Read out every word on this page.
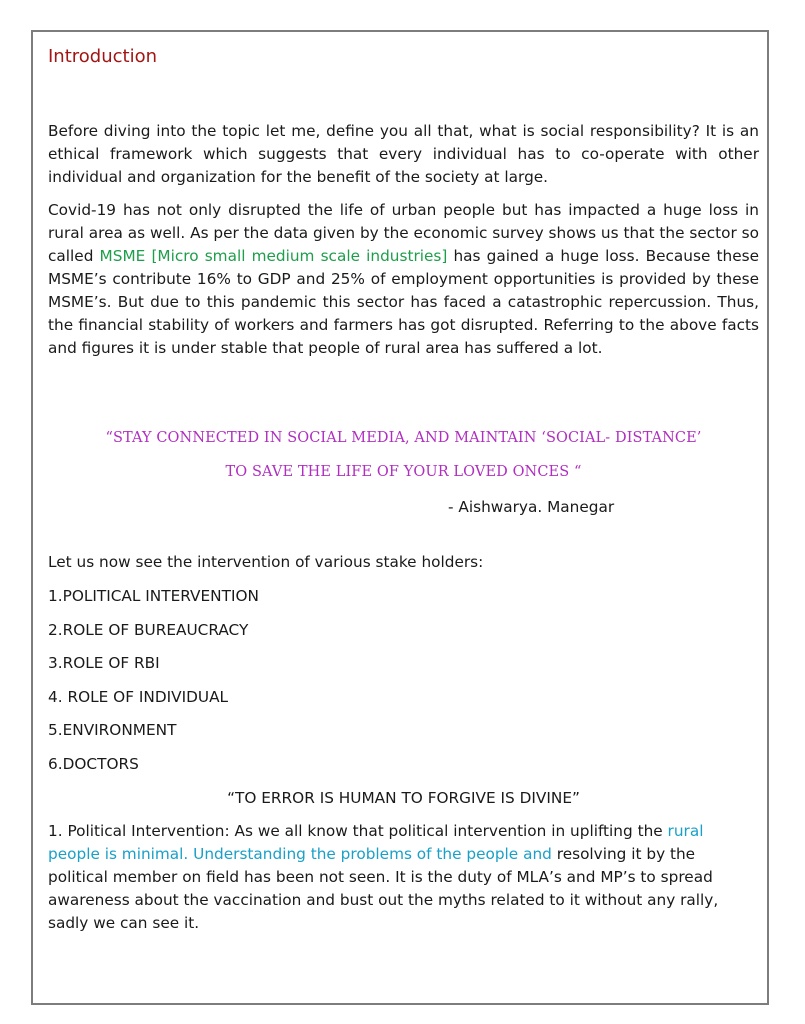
Introduction

Before diving into the topic let me, define you all that, what is social responsibility? It is an ethical framework which suggests that every individual has to co-operate with other individual and organization for the benefit of the society at large.

Covid-19 has not only disrupted the life of urban people but has impacted a huge loss in rural area as well. As per the data given by the economic survey shows us that the sector so called MSME [Micro small medium scale industries] has gained a huge loss. Because these MSME’s contribute 16% to GDP and 25% of employment opportunities is provided by these MSME’s. But due to this pandemic this sector has faced a catastrophic repercussion. Thus, the financial stability of workers and farmers has got disrupted. Referring to the above facts and figures it is under stable that people of rural area has suffered a lot.

“STAY CONNECTED IN SOCIAL MEDIA, AND MAINTAIN ‘SOCIAL- DISTANCE’
TO SAVE THE LIFE OF YOUR LOVED ONCES “
- Aishwarya. Manegar
Let us now see the intervention of various stake holders:
1.POLITICAL INTERVENTION
2.ROLE OF BUREAUCRACY
3.ROLE OF RBI
4. ROLE OF INDIVIDUAL
5.ENVIRONMENT
6.DOCTORS
“TO ERROR IS HUMAN TO FORGIVE IS DIVINE”

1. Political Intervention: As we all know that political intervention in uplifting the rural people is minimal. Understanding the problems of the people and resolving it by the political member on field has been not seen. It is the duty of MLA’s and MP’s to spread awareness about the vaccination and bust out the myths related to it without any rally, sadly we can see it.
